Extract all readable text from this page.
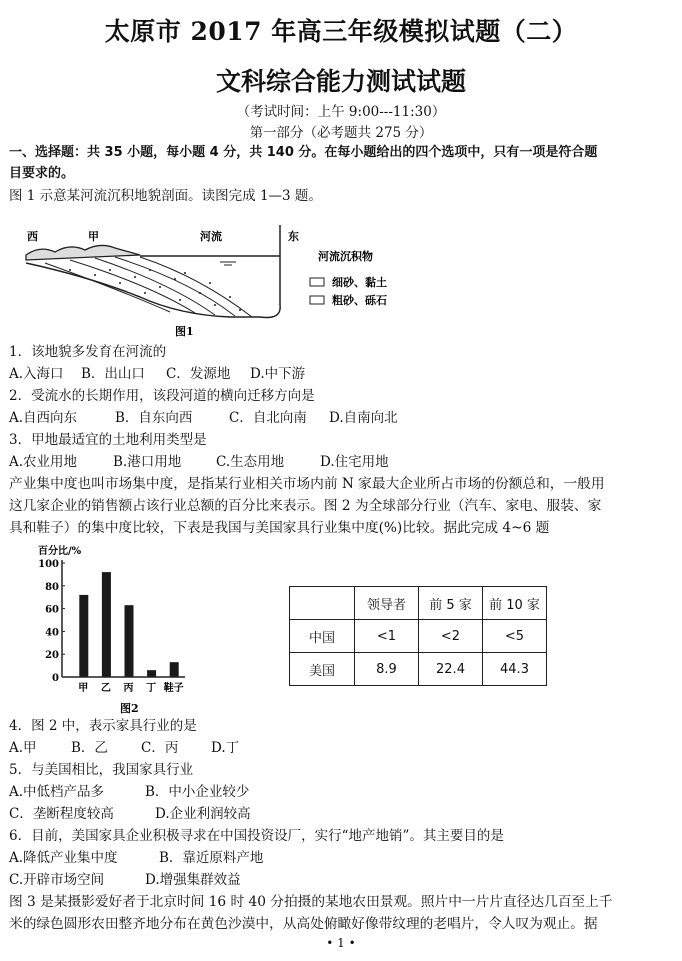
太原市 2017 年高三年级模拟试题（二）
文科综合能力测试试题
（考试时间：上午 9:00---11:30）
第一部分（必考题共 275 分）
一、选择题：共 35 小题，每小题 4 分，共 140 分。在每小题给出的四个选项中，只有一项是符合题
目要求的。
图 1 示意某河流沉积地貌剖面。读图完成 1—3 题。
西	甲	河流	东
河流沉积物
细砂、黏土
粗砂、砾石
图1
1．该地貌多发育在河流的
A.入海口 B．出山口 C．发源地 D.中下游
2．受流水的长期作用，该段河道的横向迁移方向是
A.自西向东	B．自东向西	C．自北向南 D.自南向北
3．甲地最适宜的土地利用类型是
A.农业用地	B.港口用地	C.生态用地	D.住宅用地
产业集中度也叫市场集中度，是指某行业相关市场内前 N 家最大企业所占市场的份额总和，一般用
这几家企业的销售额占该行业总额的百分比来表示。图 2 为全球部分行业（汽车、家电、服装、家
具和鞋子）的集中度比较，下表是我国与美国家具行业集中度(%)比较。据此完成 4~6 题
百分比/%
0
20
40
60
80
100
甲 乙 丙 丁 鞋子
图2
	领导者	前 5 家	前 10 家
中国	<1	<2	<5
美国	8.9	22.4	44.3
4．图 2 中，表示家具行业的是
A.甲	B．乙 C．丙 D.丁
5．与美国相比，我国家具行业
A.中低档产品多	B．中小企业较少
C．垄断程度较高	D.企业利润较高
6．目前，美国家具企业积极寻求在中国投资设厂，实行“地产地销”。其主要目的是
A.降低产业集中度	B．靠近原料产地
C.开辟市场空间	D.增强集群效益
图 3 是某摄影爱好者于北京时间 16 时 40 分拍摄的某地农田景观。照片中一片片直径达几百至上千
米的绿色圆形农田整齐地分布在黄色沙漠中，从高处俯瞰好像带纹理的老唱片，令人叹为观止。据
• 1 •
